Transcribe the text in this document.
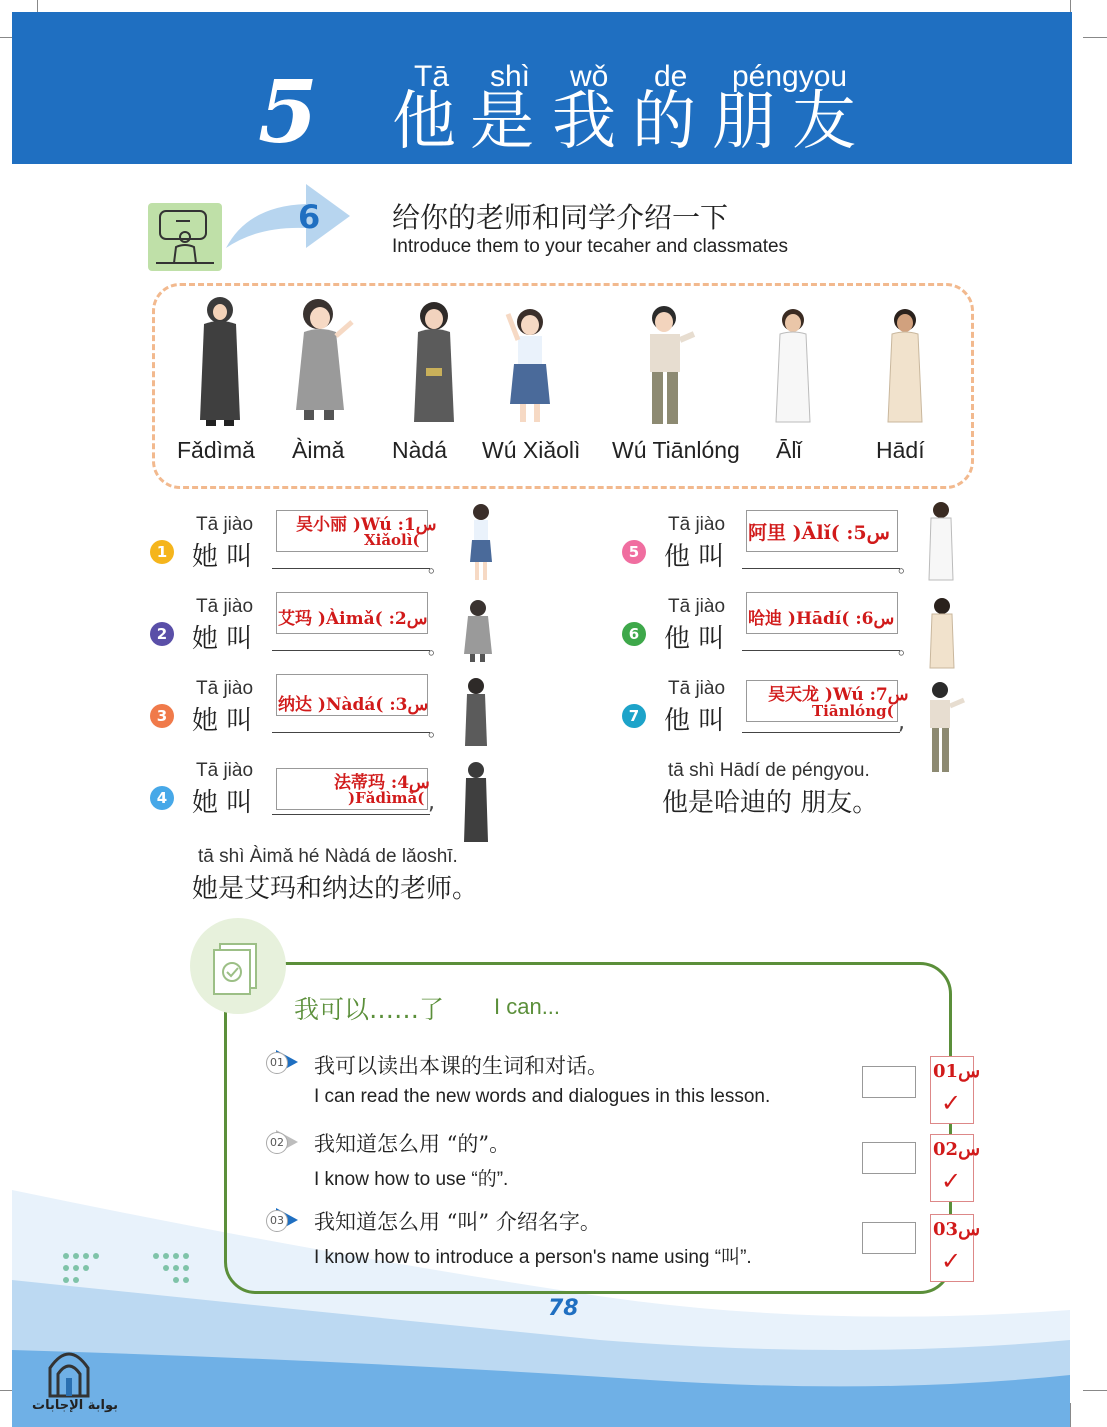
5	Tā shì wǒ de péngyou
他 是 我 的 朋 友
6	给你的老师和同学介绍一下
Introduce them to your tecaher and classmates
Fǎdìmǎ Àimǎ Nàdá Wú Xiǎolì Wú Tiānlóng Ālǐ	Hādí
1
Tā jiào
她 叫
吴小丽 )Wú :1س
Xiǎolì(
。
2
Tā jiào
她 叫
艾玛 )Àimǎ( :2س
。
3
Tā jiào
她 叫
纳达 )Nàdá( :3س
。
4
Tā jiào
她 叫
法蒂玛 :4س
)Fǎdìmǎ( ,
5
Tā jiào
他 叫
阿里 )Ālǐ( :5س
。
6
Tā jiào
他 叫
哈迪 )Hādí( :6س
。
7
Tā jiào
他 叫
吴天龙 )Wú :7س
Tiānlóng( ,
tā shì Àimǎ hé Nàdá de lǎoshī.
她是艾玛和纳达的老师。
tā shì Hādí de péngyou.
他是哈迪的 朋友。
我可以……了 I can...
01 我可以读出本课的生词和对话。
I can read the new words and dialogues in this lesson.
01س
✓
02 我知道怎么用 “的”。
I know how to use “的”.
02س
✓
03 我知道怎么用 “叫” 介绍名字。
I know how to introduce a person's name using “叫”.
03س
✓
78
بوابة الإجابات
